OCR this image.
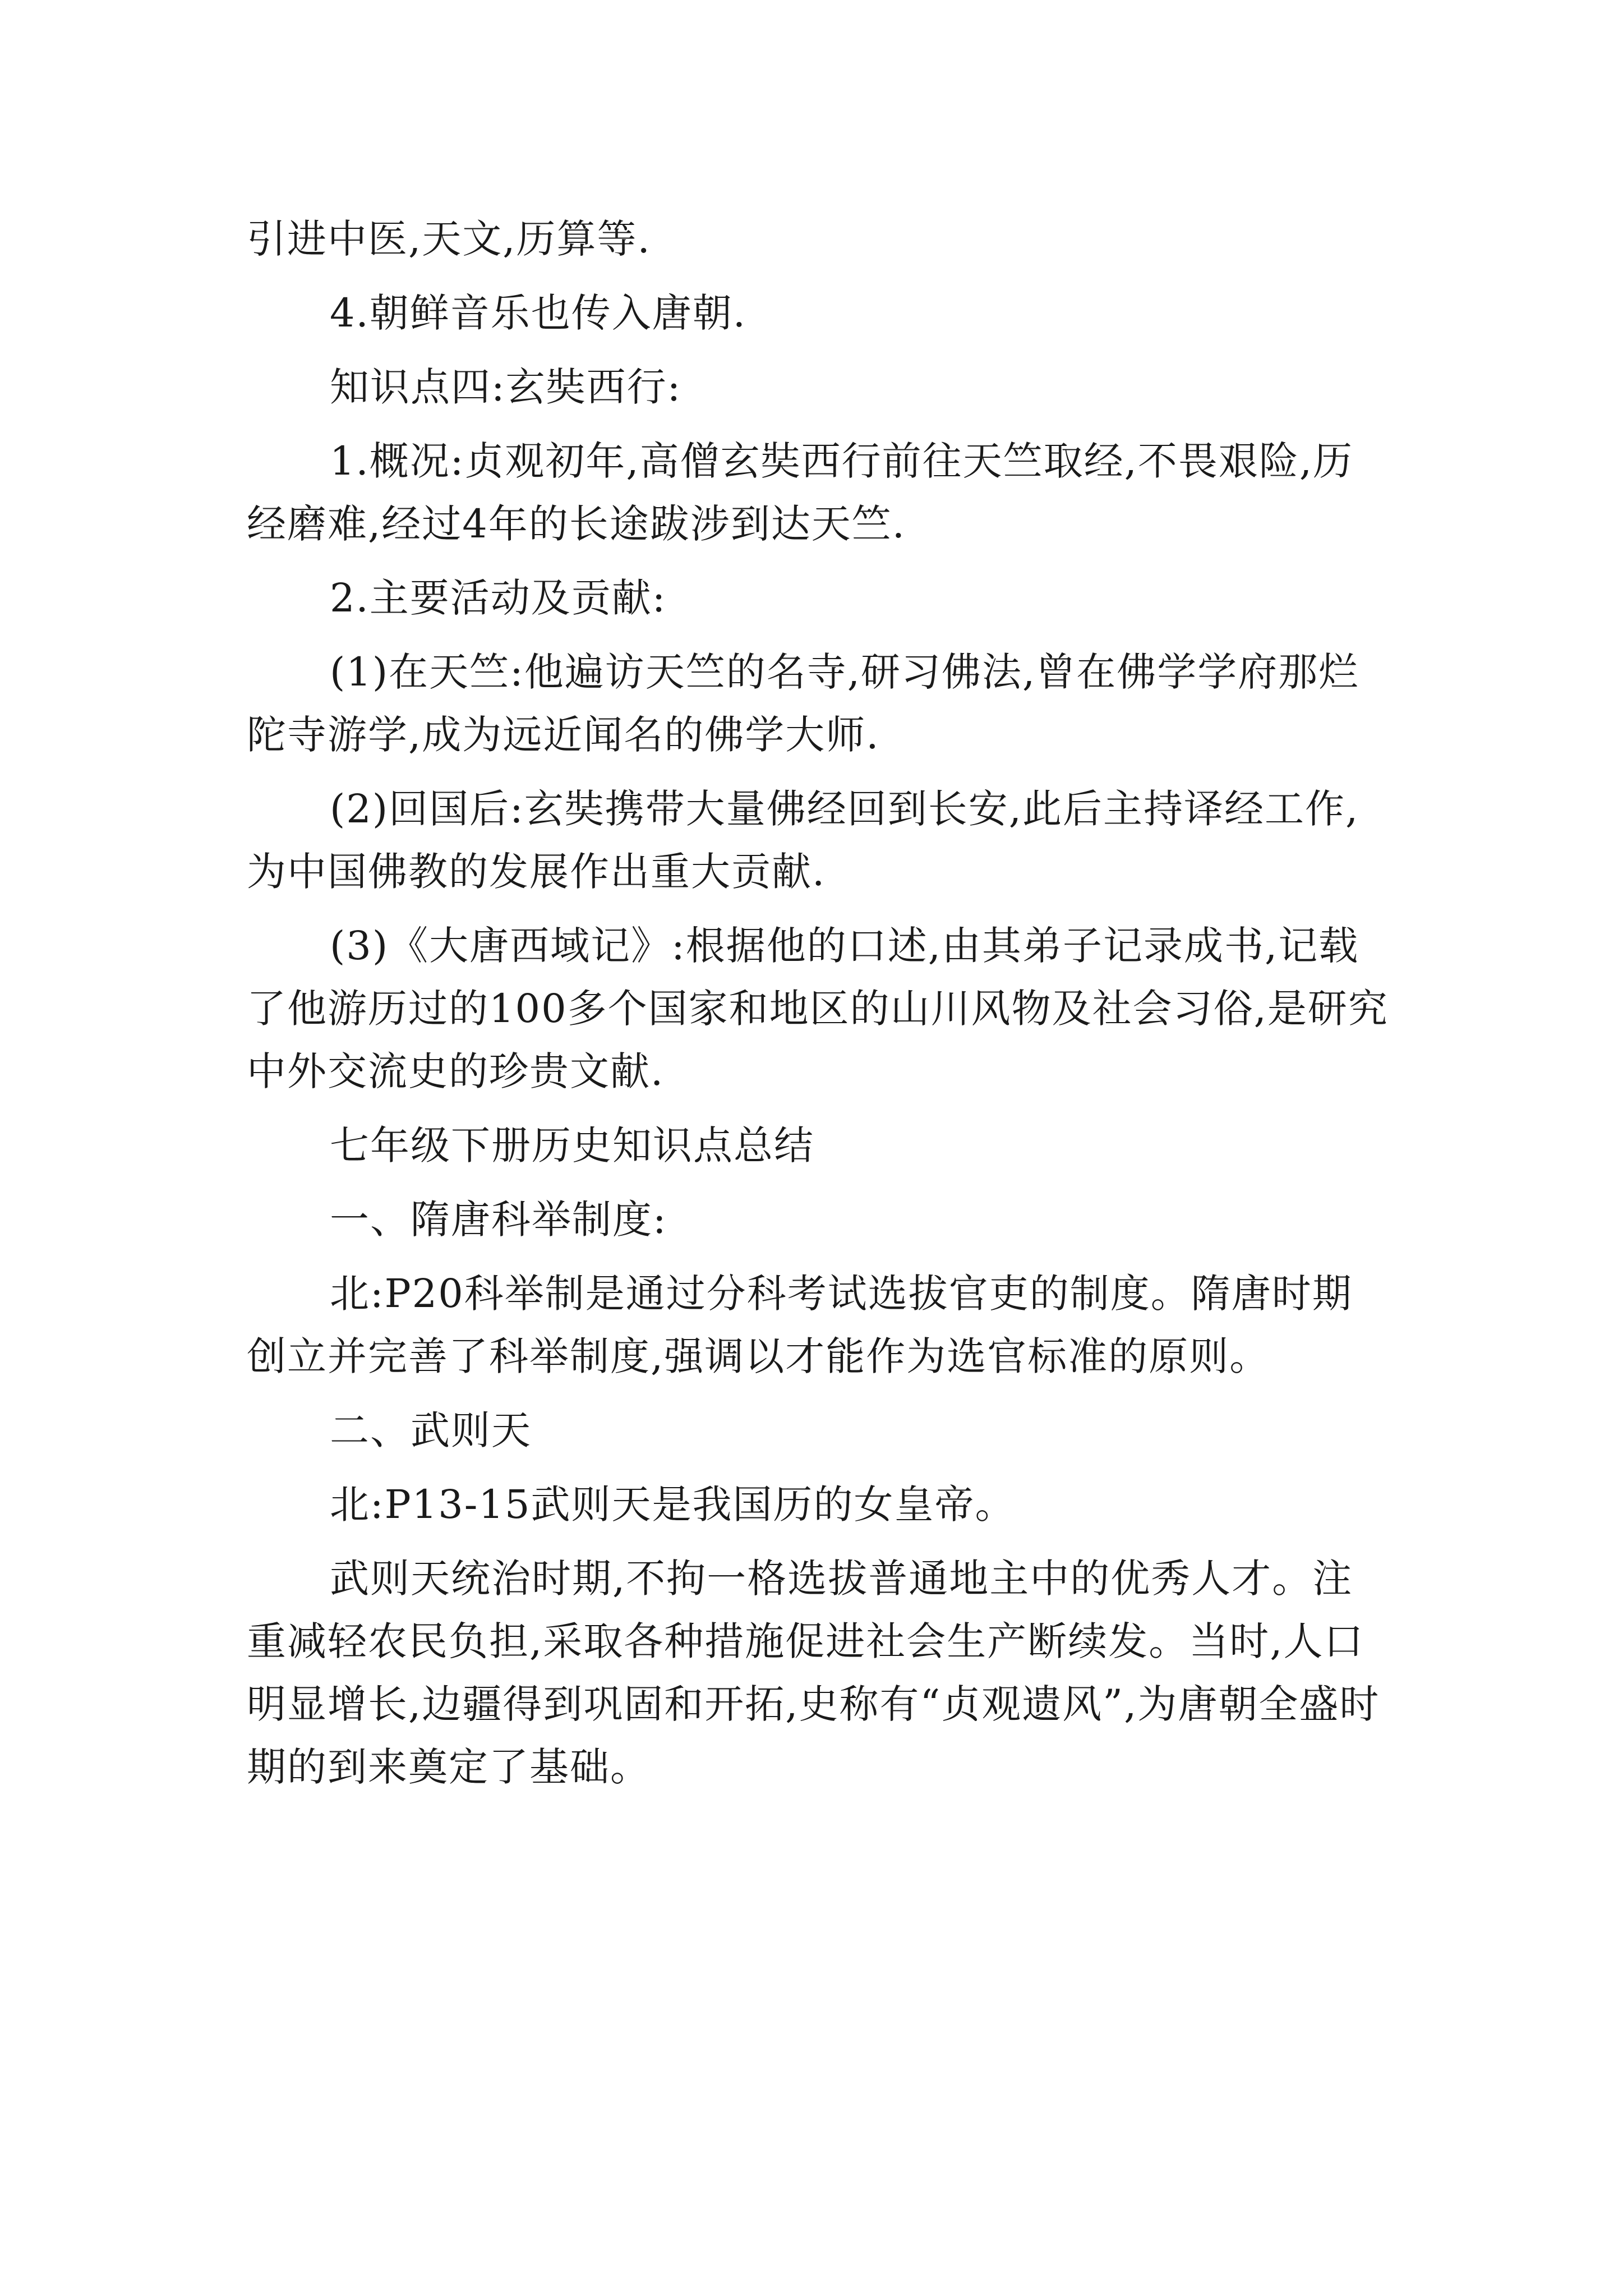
引进中医,天文,历算等.

4.朝鲜音乐也传入唐朝.

知识点四:玄奘西行:

1.概况:贞观初年,高僧玄奘西行前往天竺取经,不畏艰险,历经磨难,经过4年的长途跋涉到达天竺.

2.主要活动及贡献:

(1)在天竺:他遍访天竺的名寺,研习佛法,曾在佛学学府那烂陀寺游学,成为远近闻名的佛学大师.

(2)回国后:玄奘携带大量佛经回到长安,此后主持译经工作,为中国佛教的发展作出重大贡献.

(3)《大唐西域记》:根据他的口述,由其弟子记录成书,记载了他游历过的100多个国家和地区的山川风物及社会习俗,是研究中外交流史的珍贵文献.

七年级下册历史知识点总结

一、隋唐科举制度:

北:P20科举制是通过分科考试选拔官吏的制度。隋唐时期创立并完善了科举制度,强调以才能作为选官标准的原则。

二、武则天

北:P13-15武则天是我国历的女皇帝。

武则天统治时期,不拘一格选拔普通地主中的优秀人才。注重减轻农民负担,采取各种措施促进社会生产断续发。当时,人口明显增长,边疆得到巩固和开拓,史称有“贞观遗风”,为唐朝全盛时期的到来奠定了基础。
